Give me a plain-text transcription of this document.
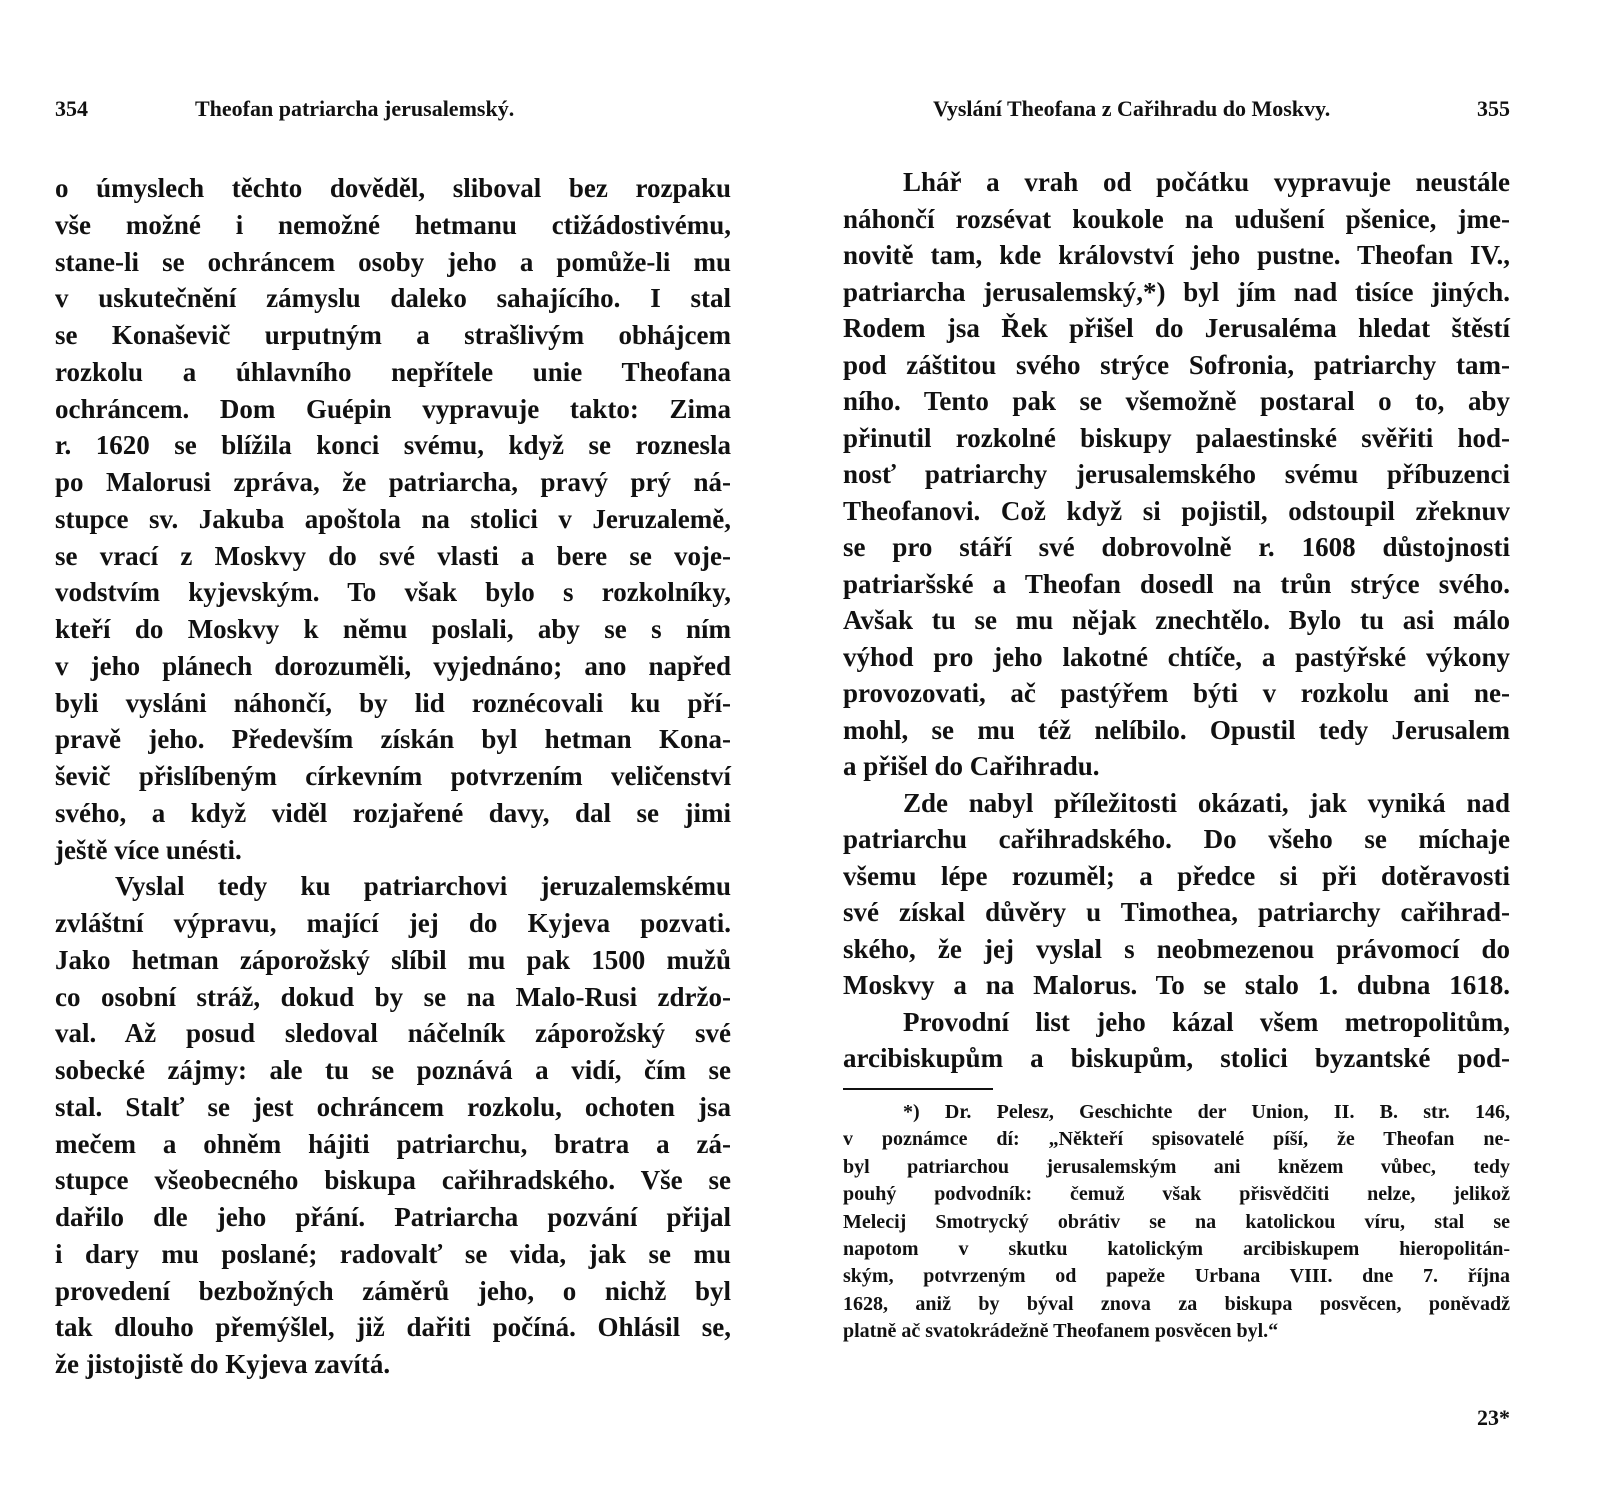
354	Theofan patriarcha jerusalemský.
o úmyslech těchto dověděl, sliboval bez rozpaku
vše možné i nemožné hetmanu ctižádostivému,
stane-li se ochráncem osoby jeho a pomůže-li mu
v uskutečnění zámyslu daleko sahajícího. I stal
se Konaševič urputným a strašlivým obhájcem
rozkolu a úhlavního nepřítele unie Theofana
ochráncem. Dom Guépin vypravuje takto: Zima
r. 1620 se blížila konci svému, když se roznesla
po Malorusi zpráva, že patriarcha, pravý prý ná-
stupce sv. Jakuba apoštola na stolici v Jeruzalemě,
se vrací z Moskvy do své vlasti a bere se voje-
vodstvím kyjevským. To však bylo s rozkolníky,
kteří do Moskvy k němu poslali, aby se s ním
v jeho plánech dorozuměli, vyjednáno; ano napřed
byli vysláni náhončí, by lid roznécovali ku pří-
pravě jeho. Především získán byl hetman Kona-
ševič přislíbeným církevním potvrzením veličenství
svého, a když viděl rozjařené davy, dal se jimi
ještě více unésti.
Vyslal tedy ku patriarchovi jeruzalemskému
zvláštní výpravu, mající jej do Kyjeva pozvati.
Jako hetman záporožský slíbil mu pak 1500 mužů
co osobní stráž, dokud by se na Malo-Rusi zdržo-
val. Až posud sledoval náčelník záporožský své
sobecké zájmy: ale tu se poznává a vidí, čím se
stal. Stalť se jest ochráncem rozkolu, ochoten jsa
mečem a ohněm hájiti patriarchu, bratra a zá-
stupce všeobecného biskupa cařihradského. Vše se
dařilo dle jeho přání. Patriarcha pozvání přijal
i dary mu poslané; radovalť se vida, jak se mu
provedení bezbožných záměrů jeho, o nichž byl
tak dlouho přemýšlel, již dařiti počíná. Ohlásil se,
že jistojistě do Kyjeva zavítá.
Vyslání Theofana z Cařihradu do Moskvy.	355
Lhář a vrah od počátku vypravuje neustále
náhončí rozsévat koukole na udušení pšenice, jme-
novitě tam, kde království jeho pustne. Theofan IV.,
patriarcha jerusalemský,*) byl jím nad tisíce jiných.
Rodem jsa Řek přišel do Jerusaléma hledat štěstí
pod záštitou svého strýce Sofronia, patriarchy tam-
ního. Tento pak se všemožně postaral o to, aby
přinutil rozkolné biskupy palaestinské svěřiti hod-
nosť patriarchy jerusalemského svému příbuzenci
Theofanovi. Což když si pojistil, odstoupil zřeknuv
se pro stáří své dobrovolně r. 1608 důstojnosti
patriaršské a Theofan dosedl na trůn strýce svého.
Avšak tu se mu nějak znechtělo. Bylo tu asi málo
výhod pro jeho lakotné chtíče, a pastýřské výkony
provozovati, ač pastýřem býti v rozkolu ani ne-
mohl, se mu též nelíbilo. Opustil tedy Jerusalem
a přišel do Cařihradu.
Zde nabyl příležitosti okázati, jak vyniká nad
patriarchu cařihradského. Do všeho se míchaje
všemu lépe rozuměl; a předce si při dotěravosti
své získal důvěry u Timothea, patriarchy cařihrad-
ského, že jej vyslal s neobmezenou právomocí do
Moskvy a na Malorus. To se stalo 1. dubna 1618.
Provodní list jeho kázal všem metropolitům,
arcibiskupům a biskupům, stolici byzantské pod-
*) Dr. Pelesz, Geschichte der Union, II. B. str. 146,
v poznámce dí: „Někteří spisovatelé píší, že Theofan ne-
byl patriarchou jerusalemským ani knězem vůbec, tedy
pouhý podvodník: čemuž však přisvědčiti nelze, jelikož
Melecij Smotrycký obrátiv se na katolickou víru, stal se
napotom v skutku katolickým arcibiskupem hieropolitán-
ským, potvrzeným od papeže Urbana VIII. dne 7. října
1628, aniž by býval znova za biskupa posvěcen, poněvadž
platně ač svatokrádežně Theofanem posvěcen byl.“
23*
